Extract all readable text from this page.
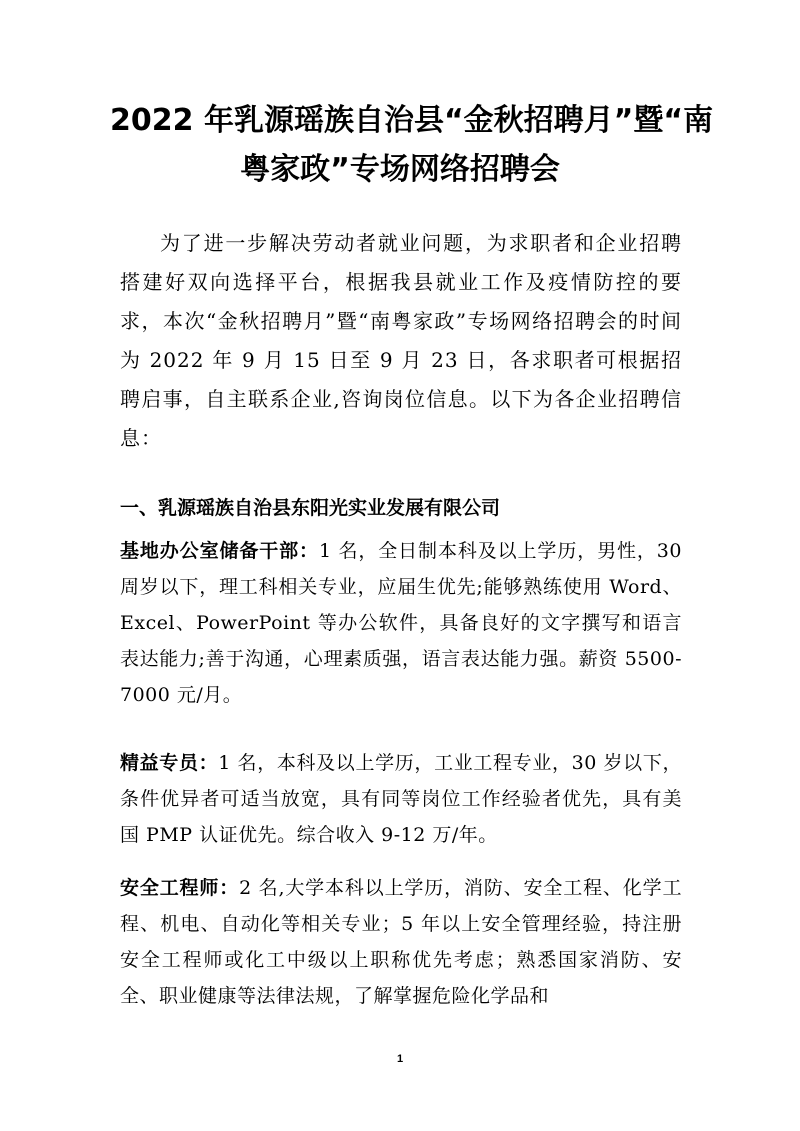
2022 年乳源瑶族自治县“金秋招聘月”暨“南
粤家政”专场网络招聘会

为了进一步解决劳动者就业问题，为求职者和企业招聘搭建好双向选择平台，根据我县就业工作及疫情防控的要求，本次“金秋招聘月”暨“南粤家政”专场网络招聘会的时间为 2022 年 9 月 15 日至 9 月 23 日，各求职者可根据招聘启事，自主联系企业,咨询岗位信息。以下为各企业招聘信息：

一、乳源瑶族自治县东阳光实业发展有限公司

基地办公室储备干部：1 名，全日制本科及以上学历，男性，30 周岁以下，理工科相关专业，应届生优先;能够熟练使用 Word、Excel、PowerPoint 等办公软件，具备良好的文字撰写和语言表达能力;善于沟通，心理素质强，语言表达能力强。薪资 5500-7000 元/月。

精益专员：1 名，本科及以上学历，工业工程专业，30 岁以下，条件优异者可适当放宽，具有同等岗位工作经验者优先，具有美国 PMP 认证优先。综合收入 9-12 万/年。

安全工程师：2 名,大学本科以上学历，消防、安全工程、化学工程、机电、自动化等相关专业；5 年以上安全管理经验，持注册安全工程师或化工中级以上职称优先考虑；熟悉国家消防、安全、职业健康等法律法规，了解掌握危险化学品和

1
